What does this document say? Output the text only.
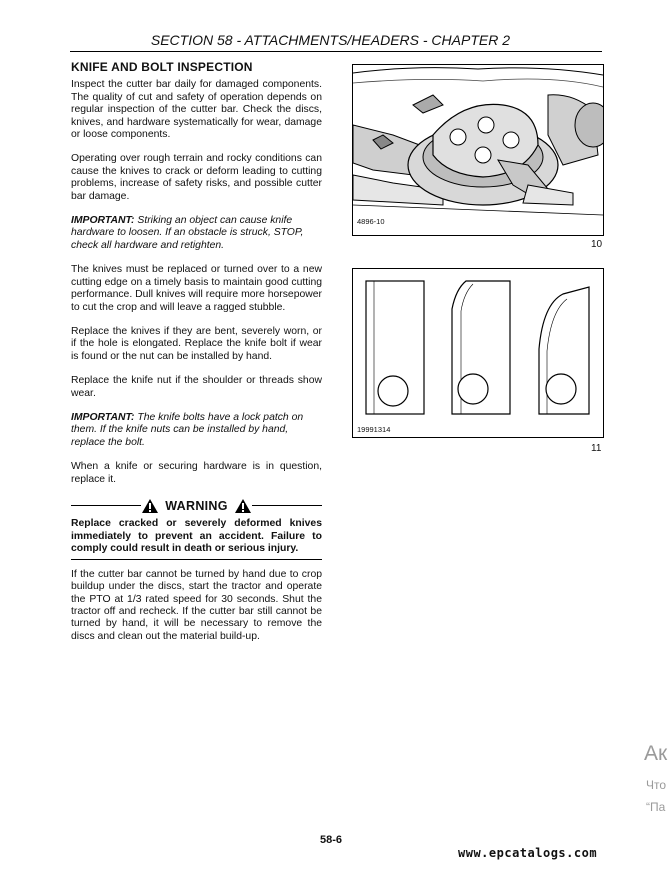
SECTION 58 - ATTACHMENTS/HEADERS - CHAPTER 2
KNIFE AND BOLT INSPECTION

Inspect the cutter bar daily for damaged components. The quality of cut and safety of operation depends on regular inspection of the cutter bar. Check the discs, knives, and hardware systematically for wear, damage or loose components.

Operating over rough terrain and rocky conditions can cause the knives to crack or deform leading to cutting problems, increase of safety risks, and possible cutter bar damage.

IMPORTANT: Striking an object can cause knife hardware to loosen. If an obstacle is struck, STOP, check all hardware and retighten.

The knives must be replaced or turned over to a new cutting edge on a timely basis to maintain good cutting performance. Dull knives will require more horsepower to cut the crop and will leave a ragged stubble.

Replace the knives if they are bent, severely worn, or if the hole is elongated. Replace the knife bolt if wear is found or the nut can be installed by hand.

Replace the knife nut if the shoulder or threads show wear.

IMPORTANT: The knife bolts have a lock patch on them. If the knife nuts can be installed by hand, replace the bolt.

When a knife or securing hardware is in question, replace it.

WARNING
Replace cracked or severely deformed knives immediately to prevent an accident. Failure to comply could result in death or serious injury.

If the cutter bar cannot be turned by hand due to crop buildup under the discs, start the tractor and operate the PTO at 1/3 rated speed for 30 seconds. Shut the tractor off and recheck. If the cutter bar still cannot be turned by hand, it will be necessary to remove the discs and clean out the material build-up.

4896-10
10
19991314
11
58-6
www.epcatalogs.com
Ак
Что
“Па
